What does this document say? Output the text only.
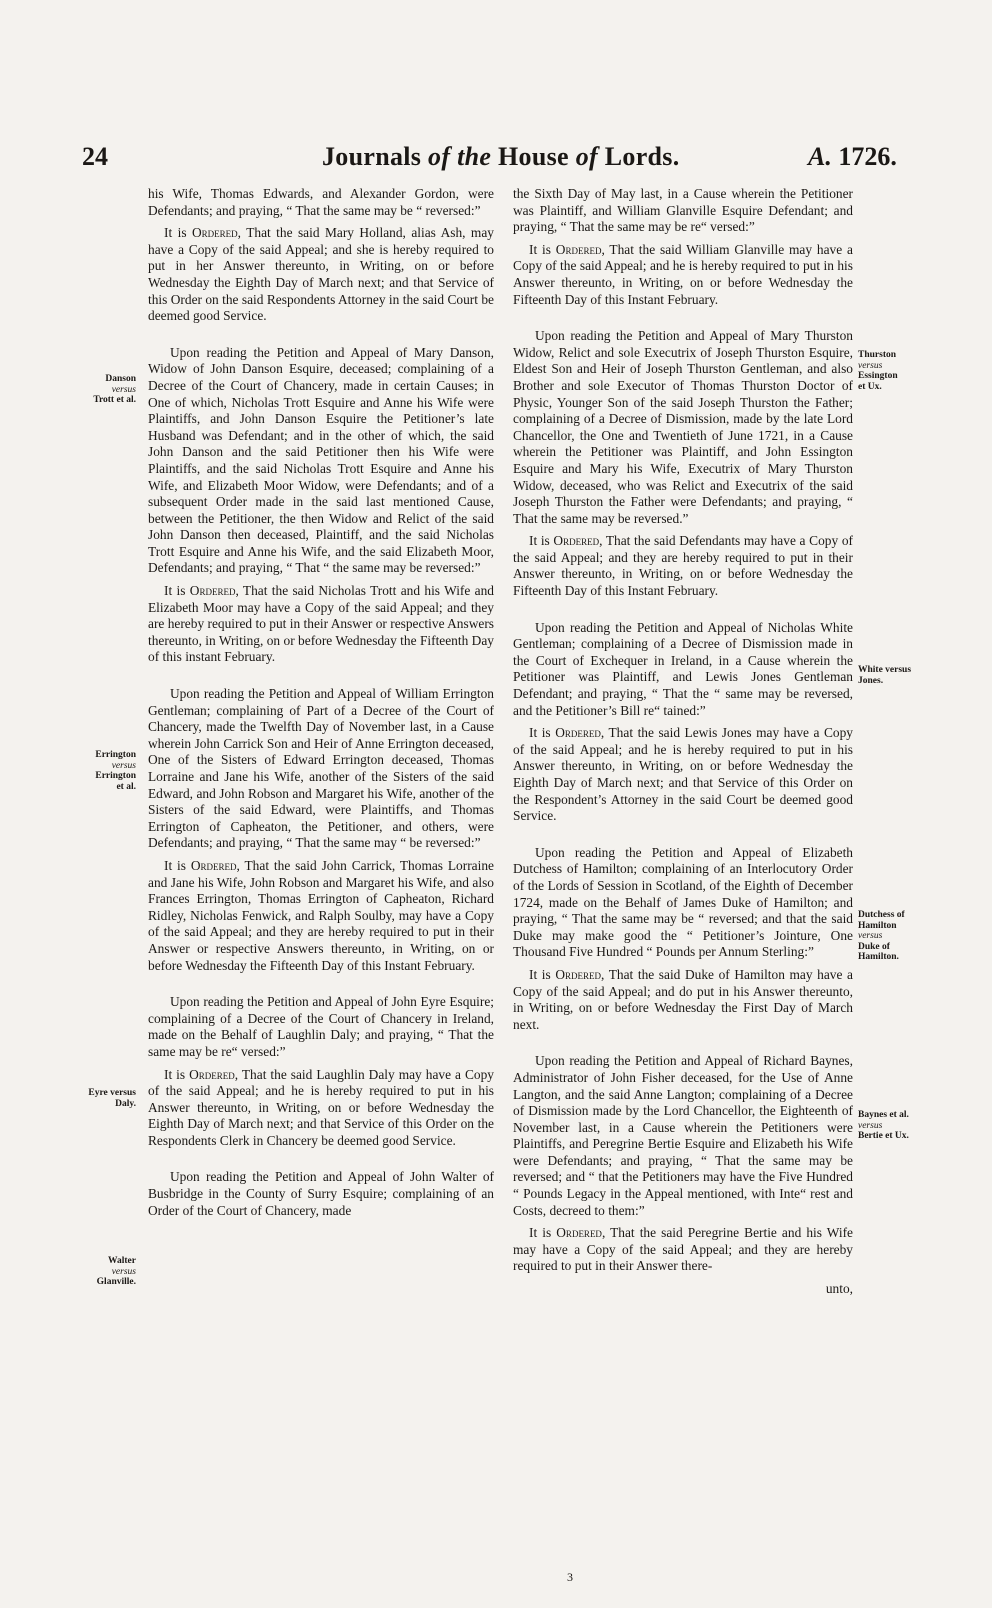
24	Journals of the House of Lords.	A. 1726.
Danson
versus
Trott et al.
Errington
versus
Errington
et al.
Eyre versus
Daly.
Walter
versus
Glanville.
Thurston
versus
Essington
et Ux.
White versus
Jones.
Dutchess of
Hamilton
versus
Duke of
Hamilton.
Baynes et al.
versus
Bertie et Ux.

his Wife, Thomas Edwards, and Alexander Gordon, were Defendants; and praying, “ That the same may be “ reversed:”

It is Ordered, That the said Mary Holland, alias Ash, may have a Copy of the said Appeal; and she is hereby required to put in her Answer thereunto, in Writing, on or before Wednesday the Eighth Day of March next; and that Service of this Order on the said Respondents Attorney in the said Court be deemed good Service.

Upon reading the Petition and Appeal of Mary Danson, Widow of John Danson Esquire, deceased; complaining of a Decree of the Court of Chancery, made in certain Causes; in One of which, Nicholas Trott Esquire and Anne his Wife were Plaintiffs, and John Danson Esquire the Petitioner’s late Husband was Defendant; and in the other of which, the said John Danson and the said Petitioner then his Wife were Plaintiffs, and the said Nicholas Trott Esquire and Anne his Wife, and Elizabeth Moor Widow, were Defendants; and of a subsequent Order made in the said last mentioned Cause, between the Petitioner, the then Widow and Relict of the said John Danson then deceased, Plaintiff, and the said Nicholas Trott Esquire and Anne his Wife, and the said Elizabeth Moor, Defendants; and praying, “ That “ the same may be reversed:”

It is Ordered, That the said Nicholas Trott and his Wife and Elizabeth Moor may have a Copy of the said Appeal; and they are hereby required to put in their Answer or respective Answers thereunto, in Writing, on or before Wednesday the Fifteenth Day of this instant February.

Upon reading the Petition and Appeal of William Errington Gentleman; complaining of Part of a Decree of the Court of Chancery, made the Twelfth Day of November last, in a Cause wherein John Carrick Son and Heir of Anne Errington deceased, One of the Sisters of Edward Errington deceased, Thomas Lorraine and Jane his Wife, another of the Sisters of the said Edward, and John Robson and Margaret his Wife, another of the Sisters of the said Edward, were Plaintiffs, and Thomas Errington of Capheaton, the Petitioner, and others, were Defendants; and praying, “ That the same may “ be reversed:”

It is Ordered, That the said John Carrick, Thomas Lorraine and Jane his Wife, John Robson and Margaret his Wife, and also Frances Errington, Thomas Errington of Capheaton, Richard Ridley, Nicholas Fenwick, and Ralph Soulby, may have a Copy of the said Appeal; and they are hereby required to put in their Answer or respective Answers thereunto, in Writing, on or before Wednesday the Fifteenth Day of this Instant February.

Upon reading the Petition and Appeal of John Eyre Esquire; complaining of a Decree of the Court of Chancery in Ireland, made on the Behalf of Laughlin Daly; and praying, “ That the same may be re“ versed:”

It is Ordered, That the said Laughlin Daly may have a Copy of the said Appeal; and he is hereby required to put in his Answer thereunto, in Writing, on or before Wednesday the Eighth Day of March next; and that Service of this Order on the Respondents Clerk in Chancery be deemed good Service.

Upon reading the Petition and Appeal of John Walter of Busbridge in the County of Surry Esquire; complaining of an Order of the Court of Chancery, made

the Sixth Day of May last, in a Cause wherein the Petitioner was Plaintiff, and William Glanville Esquire Defendant; and praying, “ That the same may be re“ versed:”

It is Ordered, That the said William Glanville may have a Copy of the said Appeal; and he is hereby required to put in his Answer thereunto, in Writing, on or before Wednesday the Fifteenth Day of this Instant February.

Upon reading the Petition and Appeal of Mary Thurston Widow, Relict and sole Executrix of Joseph Thurston Esquire, Eldest Son and Heir of Joseph Thurston Gentleman, and also Brother and sole Executor of Thomas Thurston Doctor of Physic, Younger Son of the said Joseph Thurston the Father; complaining of a Decree of Dismission, made by the late Lord Chancellor, the One and Twentieth of June 1721, in a Cause wherein the Petitioner was Plaintiff, and John Essington Esquire and Mary his Wife, Executrix of Mary Thurston Widow, deceased, who was Relict and Executrix of the said Joseph Thurston the Father were Defendants; and praying, “ That the same may be reversed.”

It is Ordered, That the said Defendants may have a Copy of the said Appeal; and they are hereby required to put in their Answer thereunto, in Writing, on or before Wednesday the Fifteenth Day of this Instant February.

Upon reading the Petition and Appeal of Nicholas White Gentleman; complaining of a Decree of Dismission made in the Court of Exchequer in Ireland, in a Cause wherein the Petitioner was Plaintiff, and Lewis Jones Gentleman Defendant; and praying, “ That the “ same may be reversed, and the Petitioner’s Bill re“ tained:”

It is Ordered, That the said Lewis Jones may have a Copy of the said Appeal; and he is hereby required to put in his Answer thereunto, in Writing, on or before Wednesday the Eighth Day of March next; and that Service of this Order on the Respondent’s Attorney in the said Court be deemed good Service.

Upon reading the Petition and Appeal of Elizabeth Dutchess of Hamilton; complaining of an Interlocutory Order of the Lords of Session in Scotland, of the Eighth of December 1724, made on the Behalf of James Duke of Hamilton; and praying, “ That the same may be “ reversed; and that the said Duke may make good the “ Petitioner’s Jointure, One Thousand Five Hundred “ Pounds per Annum Sterling:”

It is Ordered, That the said Duke of Hamilton may have a Copy of the said Appeal; and do put in his Answer thereunto, in Writing, on or before Wednesday the First Day of March next.

Upon reading the Petition and Appeal of Richard Baynes, Administrator of John Fisher deceased, for the Use of Anne Langton, and the said Anne Langton; complaining of a Decree of Dismission made by the Lord Chancellor, the Eighteenth of November last, in a Cause wherein the Petitioners were Plaintiffs, and Peregrine Bertie Esquire and Elizabeth his Wife were Defendants; and praying, “ That the same may be reversed; and “ that the Petitioners may have the Five Hundred “ Pounds Legacy in the Appeal mentioned, with Inte“ rest and Costs, decreed to them:”

It is Ordered, That the said Peregrine Bertie and his Wife may have a Copy of the said Appeal; and they are hereby required to put in their Answer there-

unto,

3
